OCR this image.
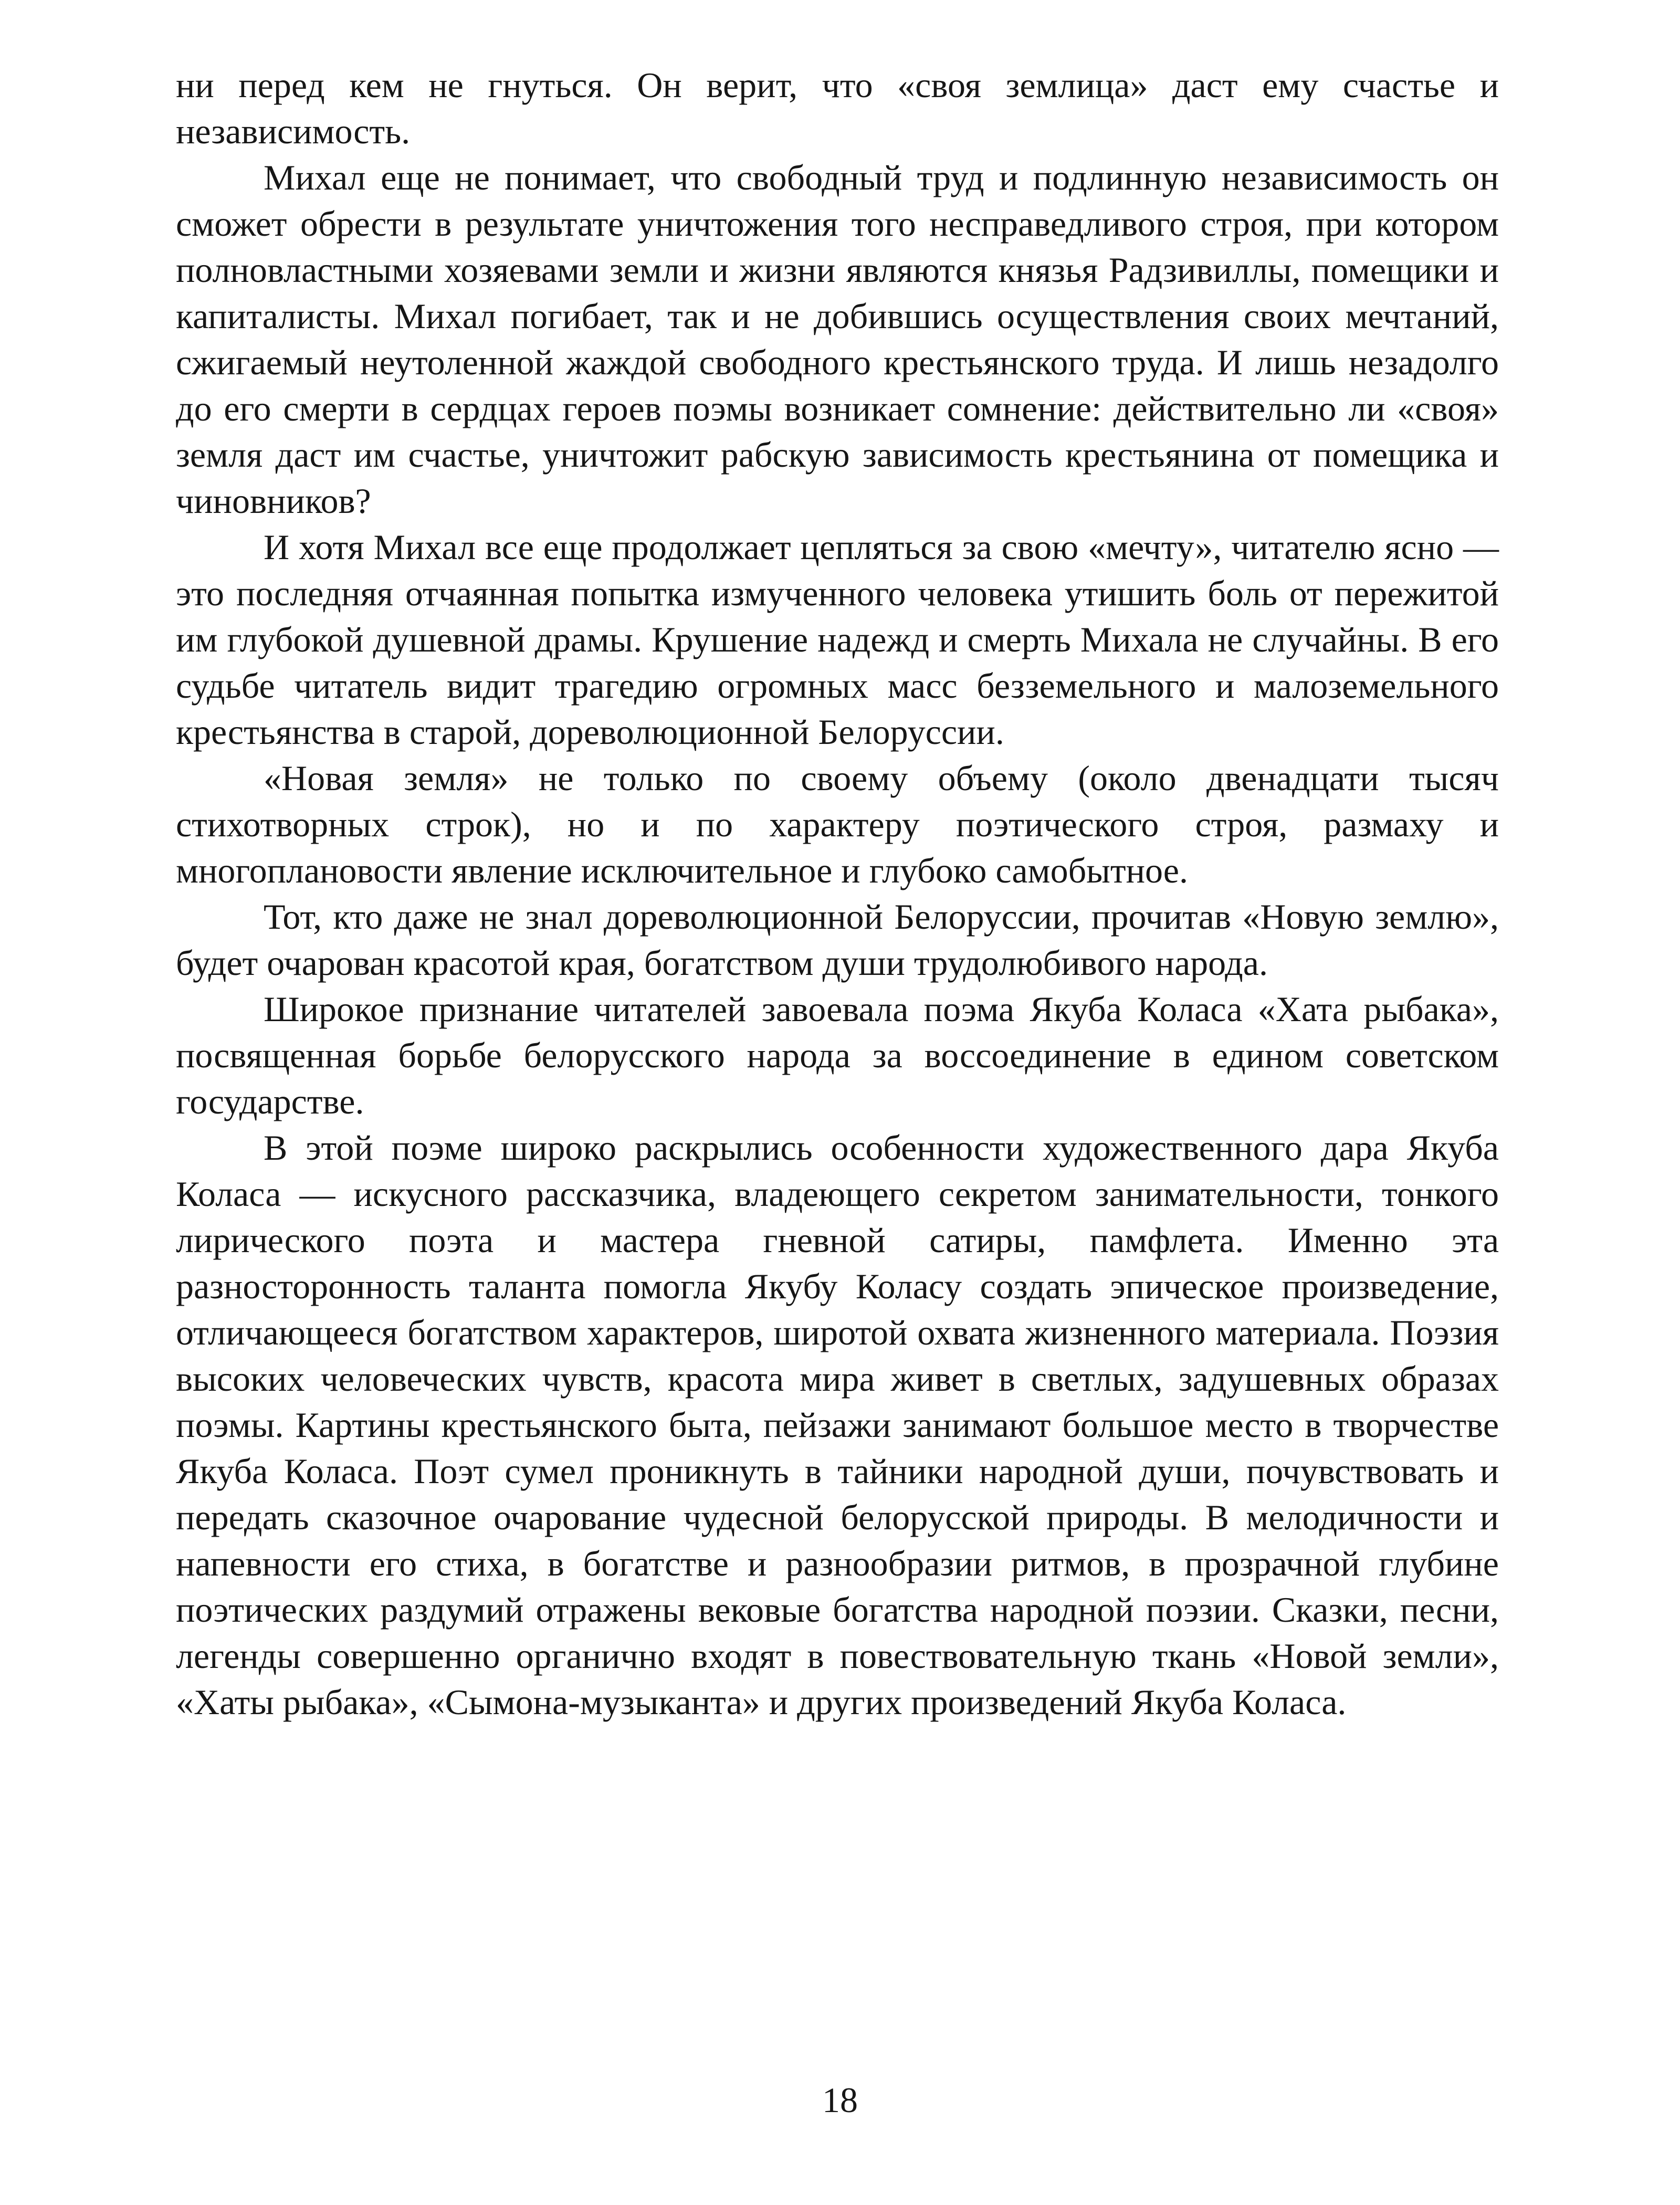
ни перед кем не гнуться. Он верит, что «своя землица» даст ему счастье и независимость.

Михал еще не понимает, что свободный труд и подлинную независимость он сможет обрести в результате уничтожения того несправедливого строя, при котором полновластными хозяевами земли и жизни являются князья Радзивиллы, помещики и капиталисты. Михал погибает, так и не добившись осуществления своих мечтаний, сжигаемый неутоленной жаждой свободного крестьянского труда. И лишь незадолго до его смерти в сердцах героев поэмы возникает сомнение: действительно ли «своя» земля даст им счастье, уничтожит рабскую зависимость крестьянина от помещика и чиновников?

И хотя Михал все еще продолжает цепляться за свою «мечту», читателю ясно — это последняя отчаянная попытка измученного человека утишить боль от пережитой им глубокой душевной драмы. Крушение надежд и смерть Михала не случайны. В его судьбе читатель видит трагедию огромных масс безземельного и малоземельного крестьянства в старой, дореволюционной Белоруссии.

«Новая земля» не только по своему объему (около двенадцати тысяч стихотворных строк), но и по характеру поэтического строя, размаху и многоплановости явление исключительное и глубоко самобытное.

Тот, кто даже не знал дореволюционной Белоруссии, прочитав «Новую землю», будет очарован красотой края, богатством души трудолюбивого народа.

Широкое признание читателей завоевала поэма Якуба Коласа «Хата рыбака», посвященная борьбе белорусского народа за воссоединение в едином советском государстве.

В этой поэме широко раскрылись особенности художественного дара Якуба Коласа — искусного рассказчика, владеющего секретом занимательности, тонкого лирического поэта и мастера гневной сатиры, памфлета. Именно эта разносторонность таланта помогла Якубу Коласу создать эпическое произведение, отличающееся богатством характеров, широтой охвата жизненного материала. Поэзия высоких человеческих чувств, красота мира живет в светлых, задушевных образах поэмы. Картины крестьянского быта, пейзажи занимают большое место в творчестве Якуба Коласа. Поэт сумел проникнуть в тайники народной души, почувствовать и передать сказочное очарование чудесной белорусской природы. В мелодичности и напевности его стиха, в богатстве и разнообразии ритмов, в прозрачной глубине поэтических раздумий отражены вековые богатства народной поэзии. Сказки, песни, легенды совершенно органично входят в повествовательную ткань «Новой земли», «Хаты рыбака», «Сымона-музыканта» и других произведений Якуба Коласа.

18
